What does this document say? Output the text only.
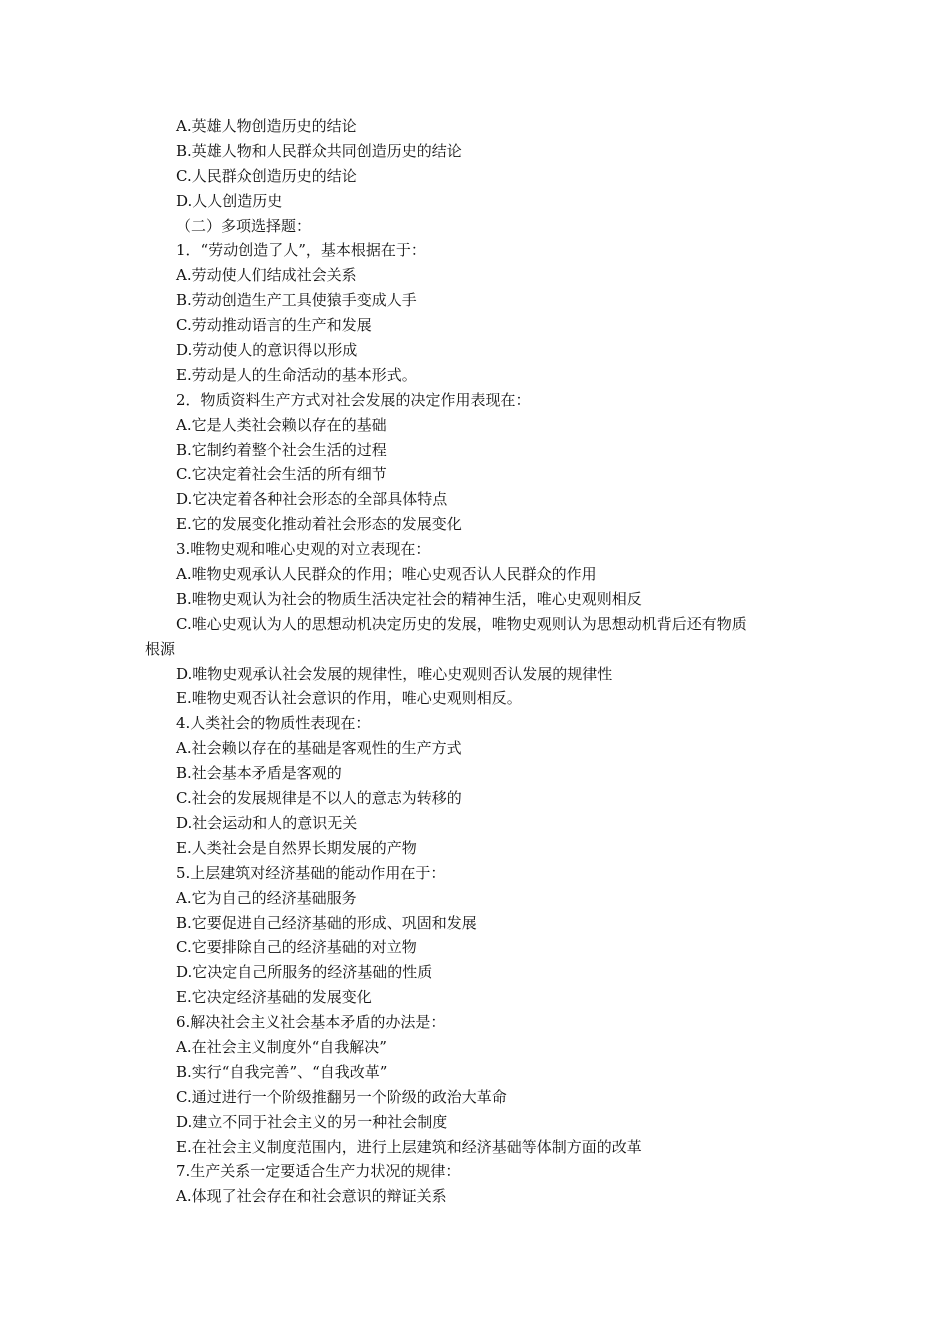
A.英雄人物创造历史的结论
B.英雄人物和人民群众共同创造历史的结论
C.人民群众创造历史的结论
D.人人创造历史
（二）多项选择题：
1．“劳动创造了人”，基本根据在于：
A.劳动使人们结成社会关系
B.劳动创造生产工具使猿手变成人手
C.劳动推动语言的生产和发展
D.劳动使人的意识得以形成
E.劳动是人的生命活动的基本形式。
2．物质资料生产方式对社会发展的决定作用表现在：
A.它是人类社会赖以存在的基础
B.它制约着整个社会生活的过程
C.它决定着社会生活的所有细节
D.它决定着各种社会形态的全部具体特点
E.它的发展变化推动着社会形态的发展变化
3.唯物史观和唯心史观的对立表现在：
A.唯物史观承认人民群众的作用；唯心史观否认人民群众的作用
B.唯物史观认为社会的物质生活决定社会的精神生活，唯心史观则相反
C.唯心史观认为人的思想动机决定历史的发展，唯物史观则认为思想动机背后还有物质
根源
D.唯物史观承认社会发展的规律性，唯心史观则否认发展的规律性
E.唯物史观否认社会意识的作用，唯心史观则相反。
4.人类社会的物质性表现在：
A.社会赖以存在的基础是客观性的生产方式
B.社会基本矛盾是客观的
C.社会的发展规律是不以人的意志为转移的
D.社会运动和人的意识无关
E.人类社会是自然界长期发展的产物
5.上层建筑对经济基础的能动作用在于：
A.它为自己的经济基础服务
B.它要促进自己经济基础的形成、巩固和发展
C.它要排除自己的经济基础的对立物
D.它决定自己所服务的经济基础的性质
E.它决定经济基础的发展变化
6.解决社会主义社会基本矛盾的办法是：
A.在社会主义制度外“自我解决”
B.实行“自我完善”、“自我改革”
C.通过进行一个阶级推翻另一个阶级的政治大革命
D.建立不同于社会主义的另一种社会制度
E.在社会主义制度范围内，进行上层建筑和经济基础等体制方面的改革
7.生产关系一定要适合生产力状况的规律：
A.体现了社会存在和社会意识的辩证关系
